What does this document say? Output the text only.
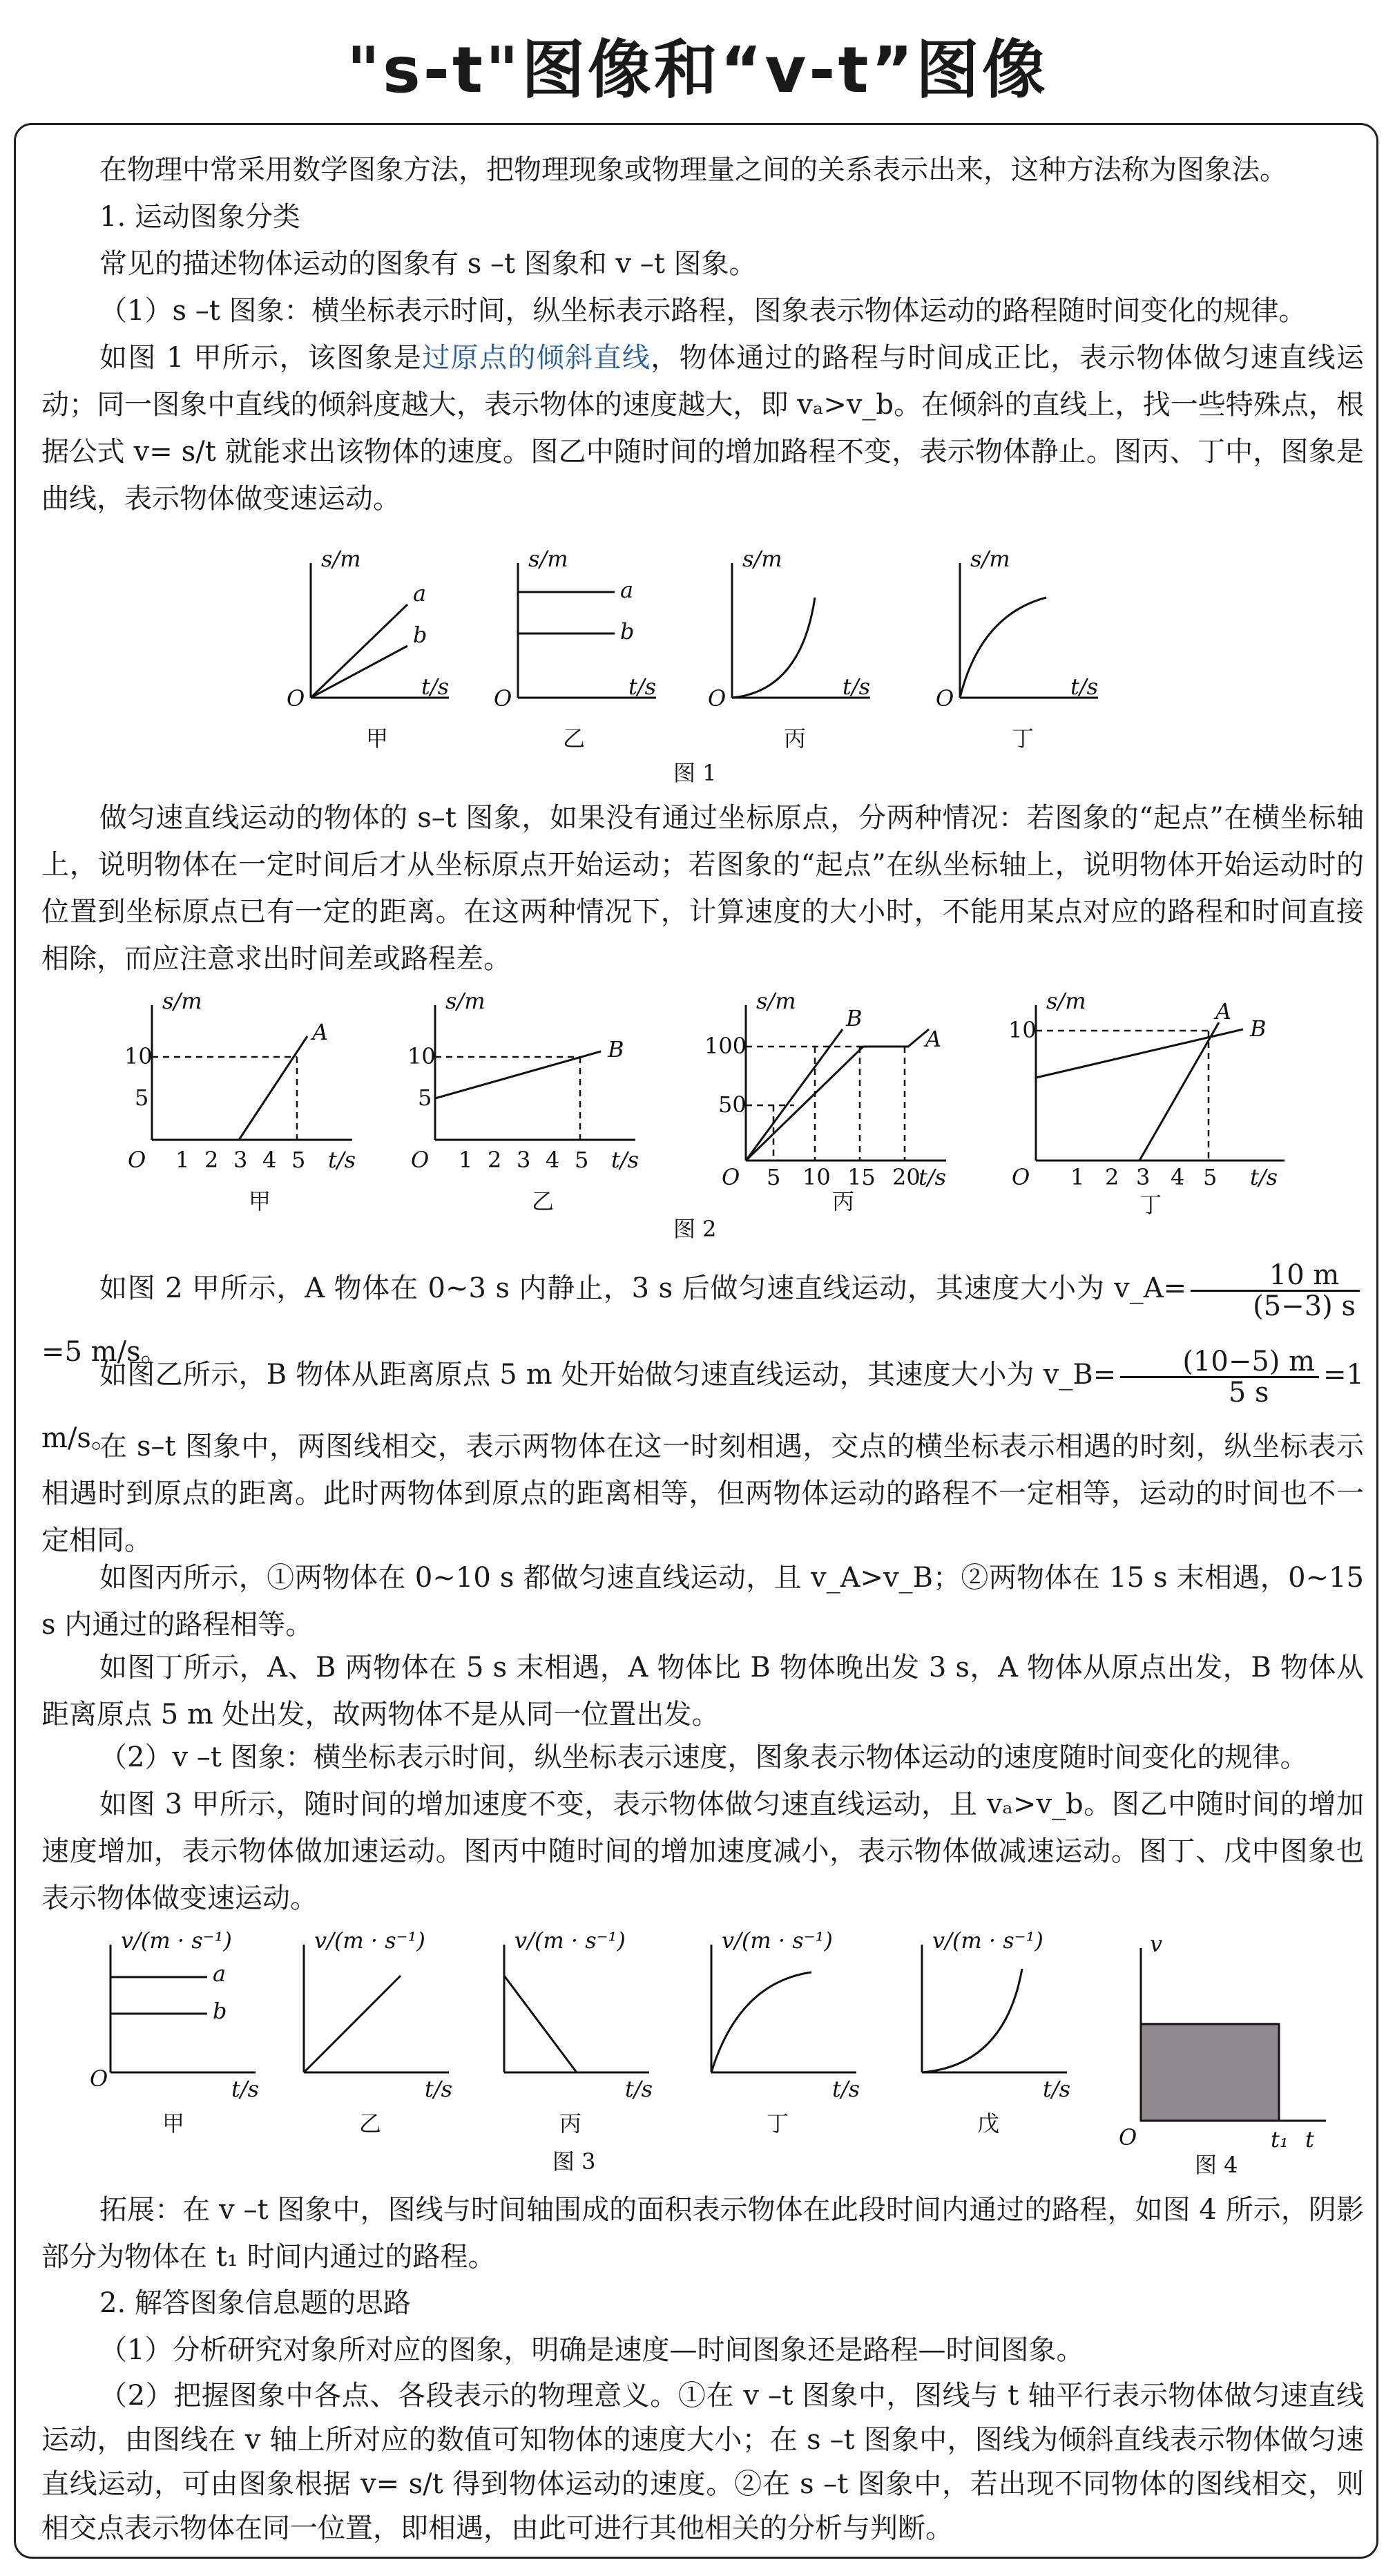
"s-t"图像和“v-t”图像

在物理中常采用数学图象方法，把物理现象或物理量之间的关系表示出来，这种方法称为图象法。

1. 运动图象分类

常见的描述物体运动的图象有 s –t 图象和 v –t 图象。

（1）s –t 图象：横坐标表示时间，纵坐标表示路程，图象表示物体运动的路程随时间变化的规律。

如图 1 甲所示，该图象是过原点的倾斜直线，物体通过的路程与时间成正比，表示物体做匀速直线运动；同一图象中直线的倾斜度越大，表示物体的速度越大，即 vₐ>v_b。在倾斜的直线上，找一些特殊点，根据公式 v= s/t 就能求出该物体的速度。图乙中随时间的增加路程不变，表示物体静止。图丙、丁中，图象是曲线，表示物体做变速运动。

s/m
t/s
O
a
b
甲
s/m
t/s
O
a
b
乙
s/m
t/s
O
丙
s/m
t/s
O
丁
图 1

做匀速直线运动的物体的 s–t 图象，如果没有通过坐标原点，分两种情况：若图象的“起点”在横坐标轴上，说明物体在一定时间后才从坐标原点开始运动；若图象的“起点”在纵坐标轴上，说明物体开始运动时的位置到坐标原点已有一定的距离。在这两种情况下，计算速度的大小时，不能用某点对应的路程和时间直接相除，而应注意求出时间差或路程差。

s/m
t/s
O
10
5
1 2 3 4 5
A
甲
s/m
t/s
O
10
5
1 2 3 4 5
B
乙
s/m
t/s
O
100
50
5 10 15 20
B
A
丙
s/m
t/s
O
10
1 2 3 4 5
A
B
丁
图 2
如图 2 甲所示，A 物体在 0~3 s 内静止，3 s 后做匀速直线运动，其速度大小为 v_A= $\frac{10 m}{(5-3) s}$
=5 m/s。
如图乙所示，B 物体从距离原点 5 m 处开始做匀速直线运动，其速度大小为 v_B= $\frac{(10-5) m}{5 s} =1$ m/s。

在 s–t 图象中，两图线相交，表示两物体在这一时刻相遇，交点的横坐标表示相遇的时刻，纵坐标表示相遇时到原点的距离。此时两物体到原点的距离相等，但两物体运动的路程不一定相等，运动的时间也不一定相同。

如图丙所示，①两物体在 0~10 s 都做匀速直线运动，且 v_A>v_B；②两物体在 15 s 末相遇，0~15 s 内通过的路程相等。

如图丁所示，A、B 两物体在 5 s 末相遇，A 物体比 B 物体晚出发 3 s，A 物体从原点出发，B 物体从距离原点 5 m 处出发，故两物体不是从同一位置出发。

（2）v –t 图象：横坐标表示时间，纵坐标表示速度，图象表示物体运动的速度随时间变化的规律。

如图 3 甲所示，随时间的增加速度不变，表示物体做匀速直线运动，且 vₐ>v_b。图乙中随时间的增加速度增加，表示物体做加速运动。图丙中随时间的增加速度减小，表示物体做减速运动。图丁、戊中图象也表示物体做变速运动。

v/(m · s⁻¹)
t/s
O
a
b
甲
v/(m · s⁻¹)
t/s
乙
v/(m · s⁻¹)
t/s
丙
v/(m · s⁻¹)
t/s
丁
v/(m · s⁻¹)
t/s
戊
图 3
v
t
O	t₁
图 4

拓展：在 v –t 图象中，图线与时间轴围成的面积表示物体在此段时间内通过的路程，如图 4 所示，阴影部分为物体在 t₁ 时间内通过的路程。

2. 解答图象信息题的思路

（1）分析研究对象所对应的图象，明确是速度—时间图象还是路程—时间图象。

（2）把握图象中各点、各段表示的物理意义。①在 v –t 图象中，图线与 t 轴平行表示物体做匀速直线运动，由图线在 v 轴上所对应的数值可知物体的速度大小；在 s –t 图象中，图线为倾斜直线表示物体做匀速直线运动，可由图象根据 v= s/t 得到物体运动的速度。②在 s –t 图象中，若出现不同物体的图线相交，则相交点表示物体在同一位置，即相遇，由此可进行其他相关的分析与判断。
